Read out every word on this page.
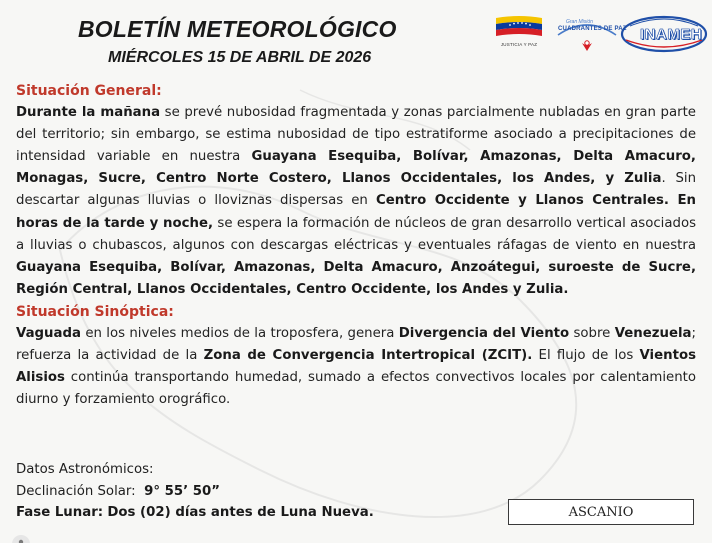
BOLETÍN METEOROLÓGICO
MIÉRCOLES 15 DE ABRIL DE 2026
JUSTICIA Y PAZ
Gran Misión
CUADRANTES DE PAZ INAMEH
Situación General:
Durante la mañana se prevé nubosidad fragmentada y zonas parcialmente nubladas en gran parte del territorio; sin embargo, se estima nubosidad de tipo estratiforme asociado a precipitaciones de intensidad variable en nuestra Guayana Esequiba, Bolívar, Amazonas, Delta Amacuro, Monagas, Sucre, Centro Norte Costero, Llanos Occidentales, los Andes, y Zulia. Sin descartar algunas lluvias o lloviznas dispersas en Centro Occidente y Llanos Centrales. En horas de la tarde y noche, se espera la formación de núcleos de gran desarrollo vertical asociados a lluvias o chubascos, algunos con descargas eléctricas y eventuales ráfagas de viento en nuestra Guayana Esequiba, Bolívar, Amazonas, Delta Amacuro, Anzoátegui, suroeste de Sucre, Región Central, Llanos Occidentales, Centro Occidente, los Andes y Zulia.
Situación Sinóptica:
Vaguada en los niveles medios de la troposfera, genera Divergencia del Viento sobre Venezuela; refuerza la actividad de la Zona de Convergencia Intertropical (ZCIT). El flujo de los Vientos Alisios continúa transportando humedad, sumado a efectos convectivos locales por calentamiento diurno y forzamiento orográfico.
Datos Astronómicos:
Declinación Solar: 9° 55’ 50”
Fase Lunar: Dos (02) días antes de Luna Nueva.	ASCANIO
